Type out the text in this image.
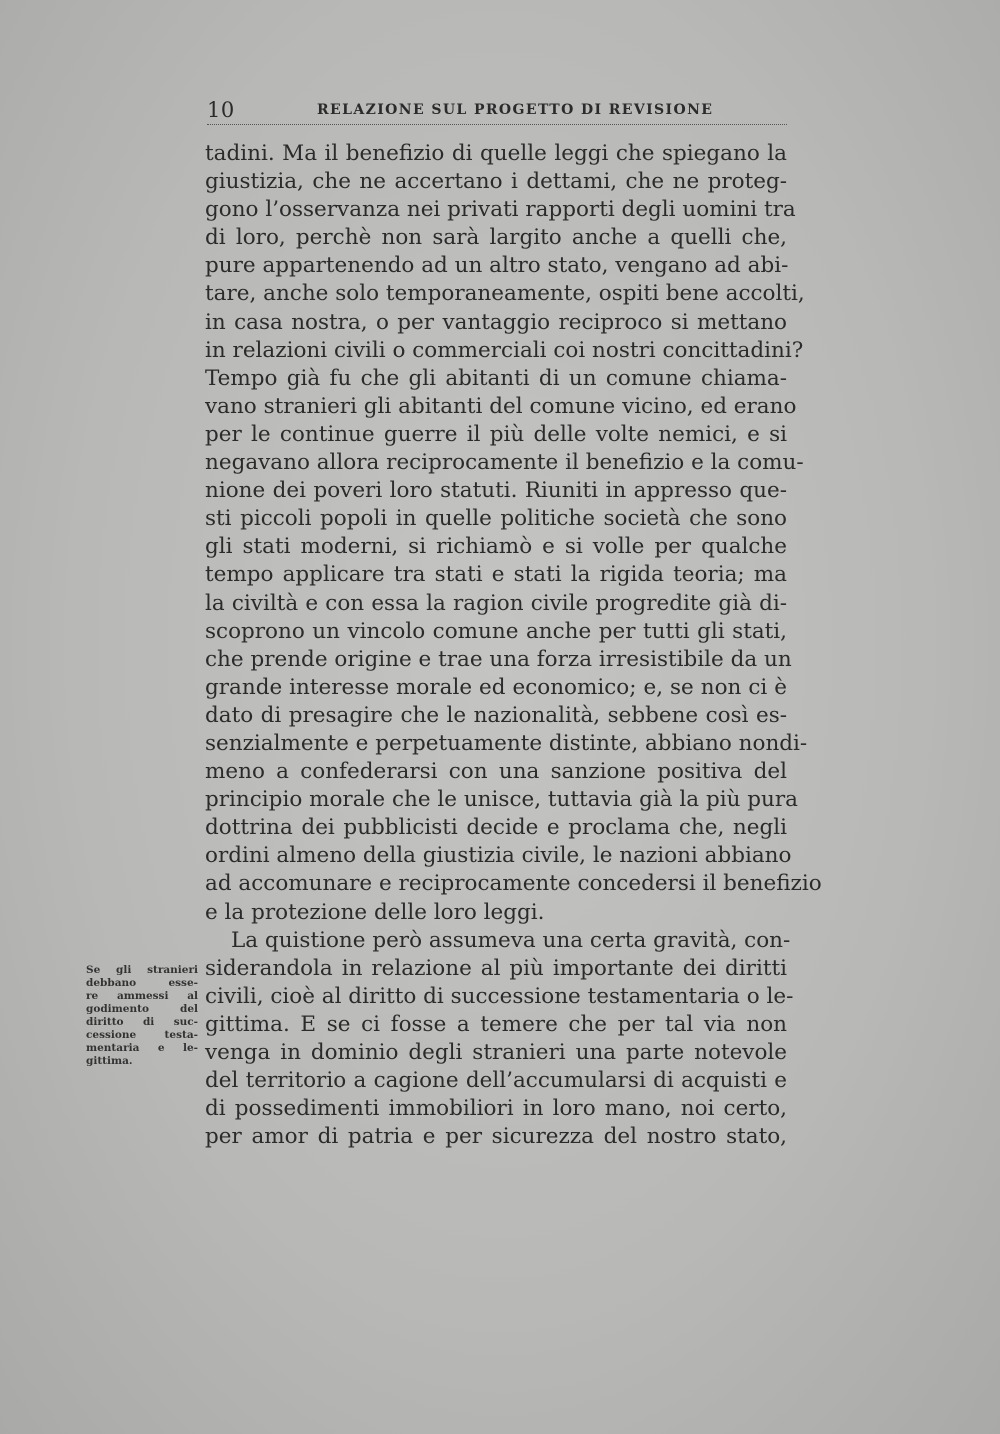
10	RELAZIONE SUL PROGETTO DI REVISIONE
tadini. Ma il benefizio di quelle leggi che spiegano la
giustizia, che ne accertano i dettami, che ne proteg-
gono l’osservanza nei privati rapporti degli uomini tra
di loro, perchè non sarà largito anche a quelli che,
pure appartenendo ad un altro stato, vengano ad abi-
tare, anche solo temporaneamente, ospiti bene accolti,
in casa nostra, o per vantaggio reciproco si mettano
in relazioni civili o commerciali coi nostri concittadini?
Tempo già fu che gli abitanti di un comune chiama-
vano stranieri gli abitanti del comune vicino, ed erano
per le continue guerre il più delle volte nemici, e si
negavano allora reciprocamente il benefizio e la comu-
nione dei poveri loro statuti. Riuniti in appresso que-
sti piccoli popoli in quelle politiche società che sono
gli stati moderni, si richiamò e si volle per qualche
tempo applicare tra stati e stati la rigida teoria; ma
la civiltà e con essa la ragion civile progredite già di-
scoprono un vincolo comune anche per tutti gli stati,
che prende origine e trae una forza irresistibile da un
grande interesse morale ed economico; e, se non ci è
dato di presagire che le nazionalità, sebbene così es-
senzialmente e perpetuamente distinte, abbiano nondi-
meno a confederarsi con una sanzione positiva del
principio morale che le unisce, tuttavia già la più pura
dottrina dei pubblicisti decide e proclama che, negli
ordini almeno della giustizia civile, le nazioni abbiano
ad accomunare e reciprocamente concedersi il benefizio
e la protezione delle loro leggi.
La quistione però assumeva una certa gravità, con-
siderandola in relazione al più importante dei diritti
civili, cioè al diritto di successione testamentaria o le-
gittima. E se ci fosse a temere che per tal via non
venga in dominio degli stranieri una parte notevole
del territorio a cagione dell’accumularsi di acquisti e
di possedimenti immobiliori in loro mano, noi certo,
per amor di patria e per sicurezza del nostro stato,
Se gli stranieri
debbano esse-
re ammessi al
godimento del
diritto di suc-
cessione testa-
mentaria e le-
gittima.
